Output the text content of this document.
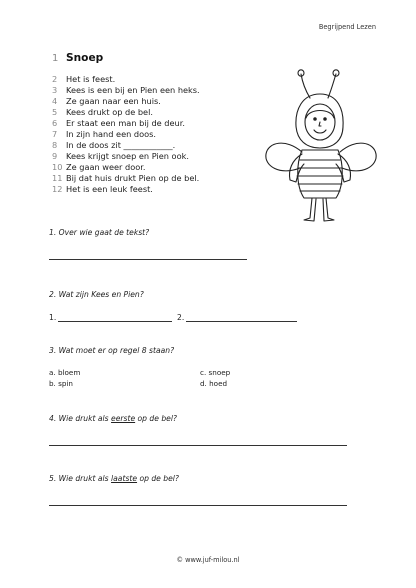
Begrijpend Lezen
1 Snoep
2	Het is feest.
3	Kees is een bij en Pien een heks.
4	Ze gaan naar een huis.
5	Kees drukt op de bel.
6	Er staat een man bij de deur.
7	In zijn hand een doos.
8	In de doos zit ____________.
9	Kees krijgt snoep en Pien ook.
10 Ze gaan weer door.
11 Bij dat huis drukt Pien op de bel.
12 Het is een leuk feest.
1. Over wie gaat de tekst?
2. Wat zijn Kees en Pien?
1.	2.
3. Wat moet er op regel 8 staan?
a. bloem
b. spin
c. snoep
d. hoed
4. Wie drukt als eerste op de bel?
5. Wie drukt als laatste op de bel?
© www.juf-milou.nl
